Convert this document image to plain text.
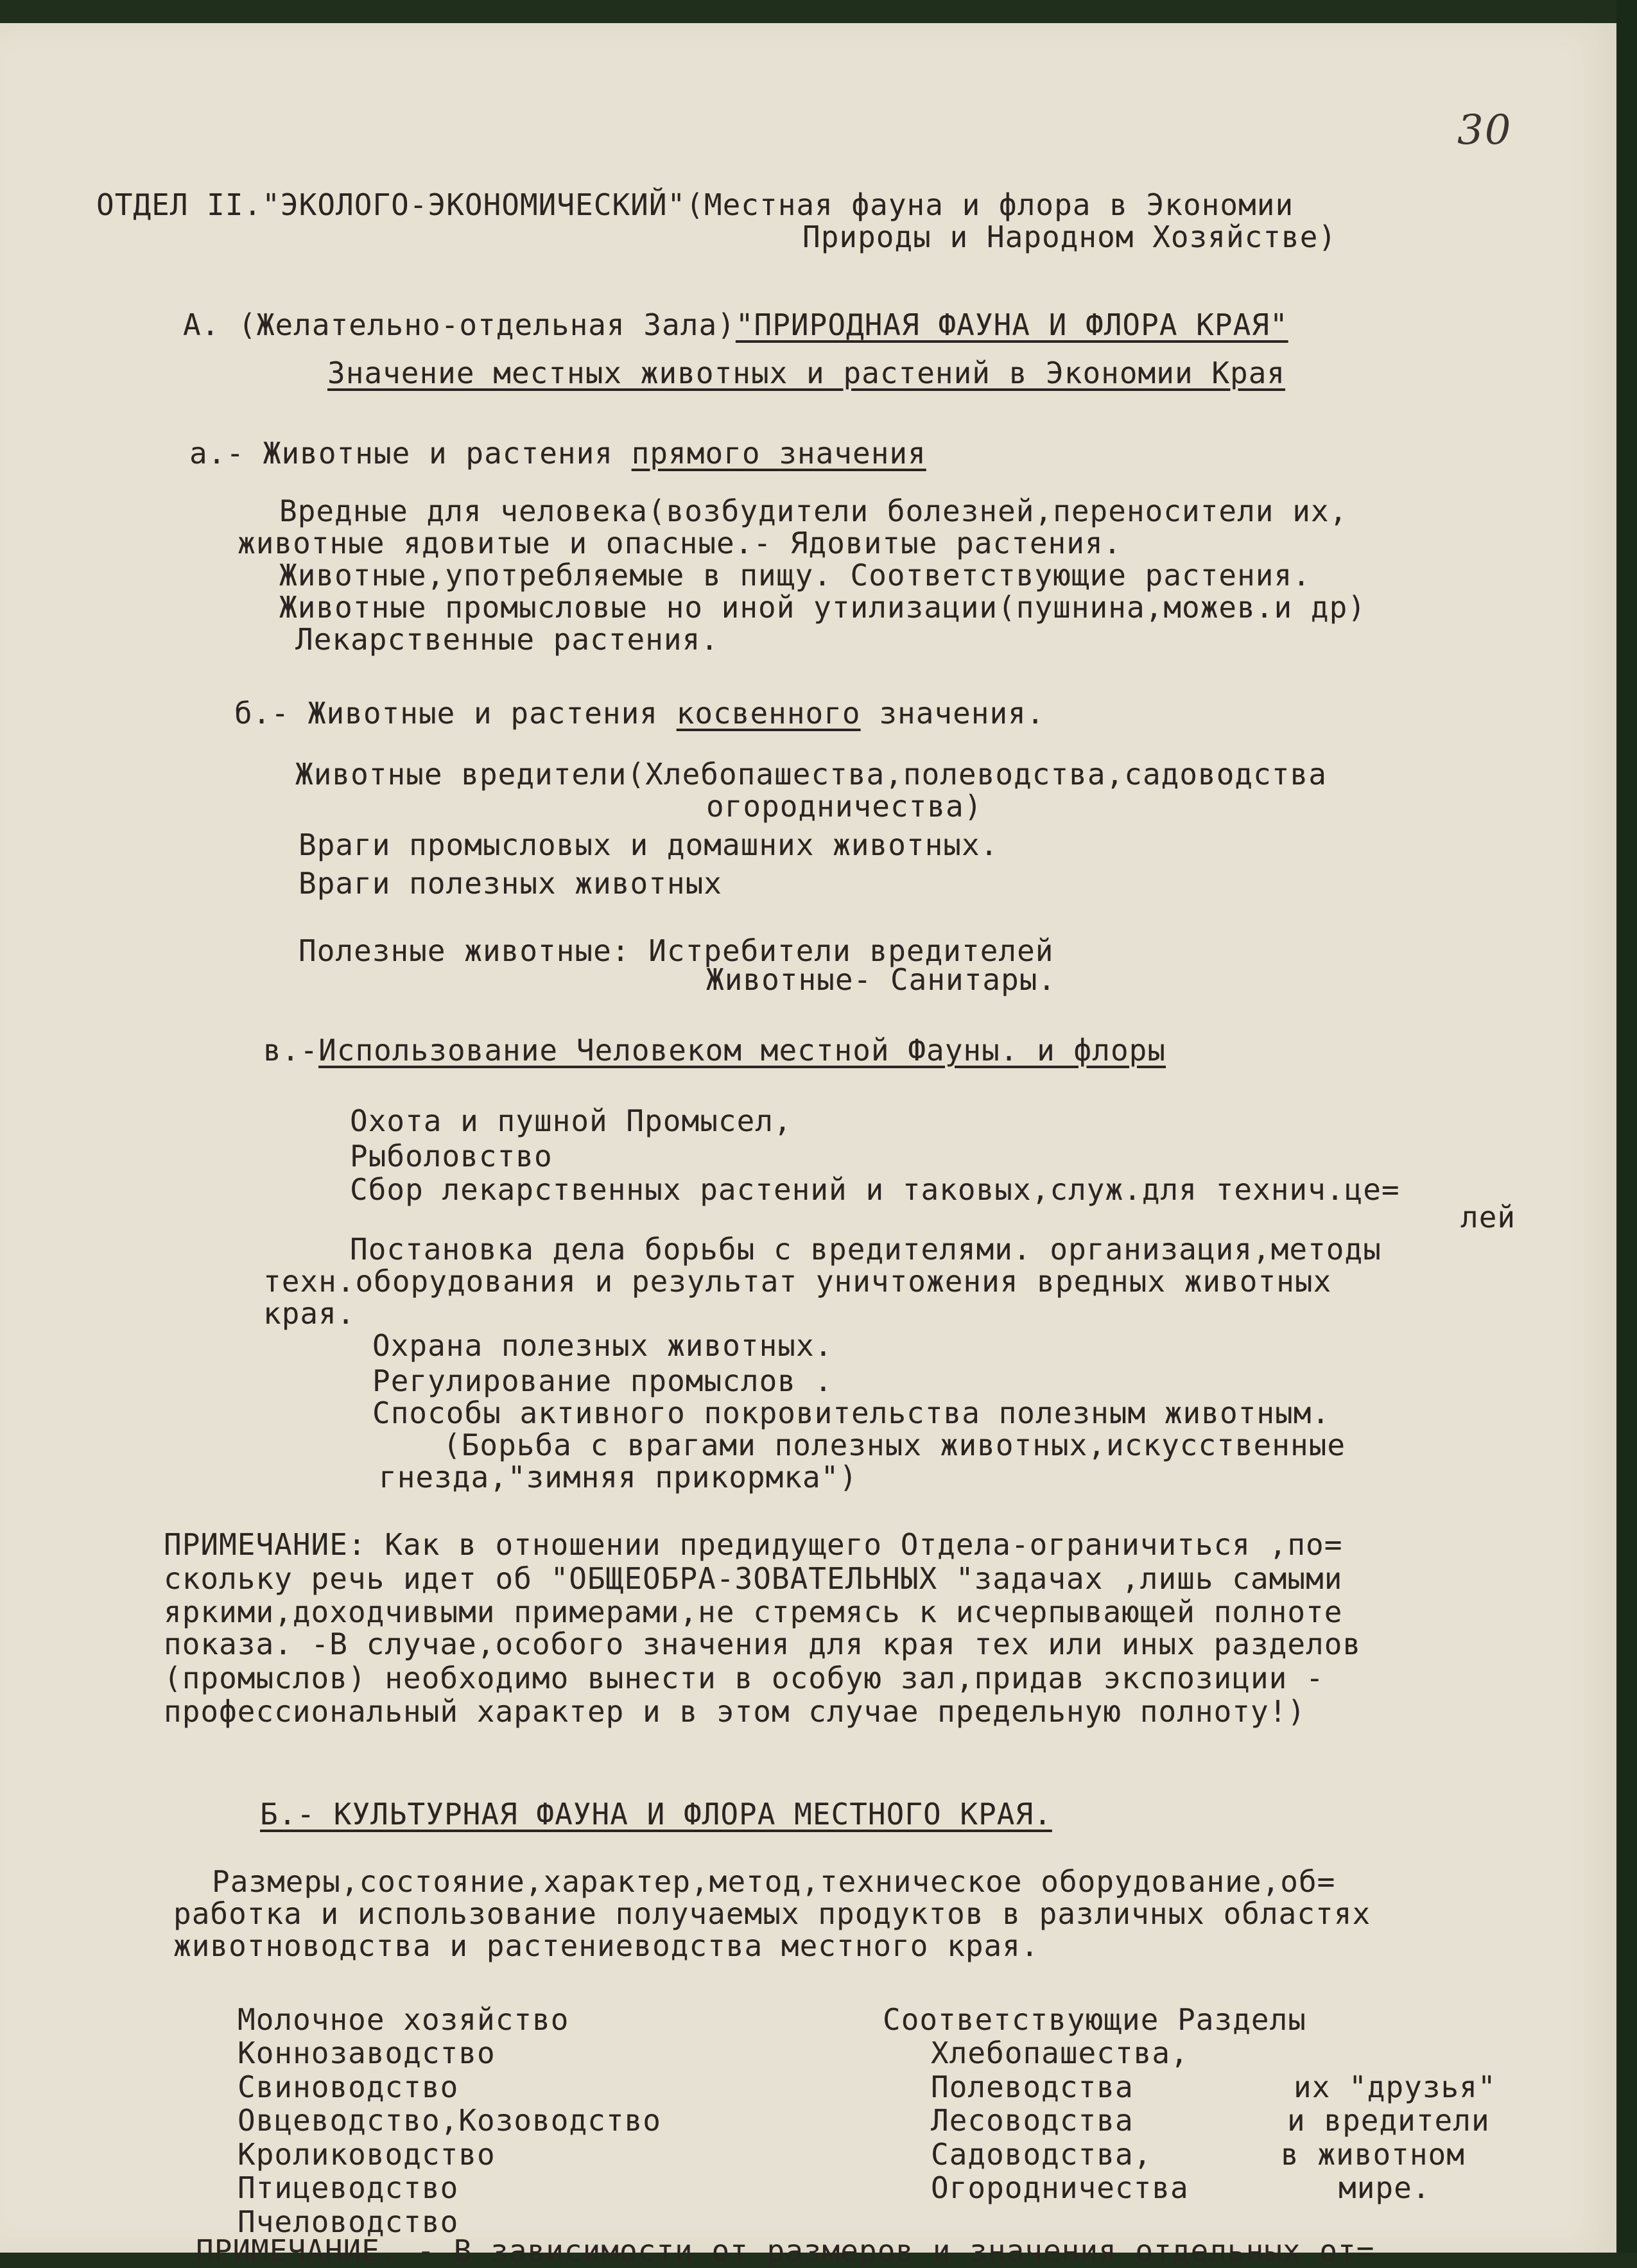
30
ОТДЕЛ II."ЭКОЛОГО-ЭКОНОМИЧЕСКИЙ"(Местная фауна и флора в Экономии
Природы и Народном Хозяйстве)
А. (Желательно-отдельная Зала)"ПРИРОДНАЯ ФАУНА И ФЛОРА КРАЯ"
Значение местных животных и растений в Экономии Края
а.- Животные и растения прямого значения
Вредные для человека(возбудители болезней,переносители их,
животные ядовитые и опасные.- Ядовитые растения.
Животные,употребляемые в пищу. Соответствующие растения.
Животные промысловые но иной утилизации(пушнина,можев.и др)
Лекарственные растения.
б.- Животные и растения косвенного значения.
Животные вредители(Хлебопашества,полеводства,садоводства
огородничества)
Враги промысловых и домашних животных.
Враги полезных животных
Полезные животные: Истребители вредителей
Животные- Санитары.
в.-Использование Человеком местной Фауны. и флоры
Охота и пушной Промысел,
Рыболовство
Сбор лекарственных растений и таковых,служ.для технич.це=
лей
Постановка дела борьбы с вредителями. организация,методы
техн.оборудования и результат уничтожения вредных животных
края.
Охрана полезных животных.
Регулирование промыслов .
Способы активного покровительства полезным животным.
(Борьба с врагами полезных животных,искусственные
гнезда,"зимняя прикормка")
ПРИМЕЧАНИЕ: Как в отношении предидущего Отдела-ограничиться ,по=
скольку речь идет об "ОБЩЕОБРА-ЗОВАТЕЛЬНЫХ "задачах ,лишь самыми
яркими,доходчивыми примерами,не стремясь к исчерпывающей полноте
показа. -В случае,особого значения для края тех или иных разделов
(промыслов) необходимо вынести в особую зал,придав экспозиции -
профессиональный характер и в этом случае предельную полноту!)
Б.- КУЛЬТУРНАЯ ФАУНА И ФЛОРА МЕСТНОГО КРАЯ.
Размеры,состояние,характер,метод,техническое оборудование,об=
работка и использование получаемых продуктов в различных областях
животноводства и растениеводства местного края.
Молочное хозяйство
Коннозаводство
Свиноводство
Овцеводство,Козоводство
Кролиководство
Птицеводство
Пчеловодство
Соответствующие Разделы
Хлебопашества,
Полеводства
Лесоводства
Садоводства,
Огородничества
их "друзья"
и вредители
в животном
мире.
ПРИМЕЧАНИЕ. - В зависимости от размеров и значения отдельных от=
